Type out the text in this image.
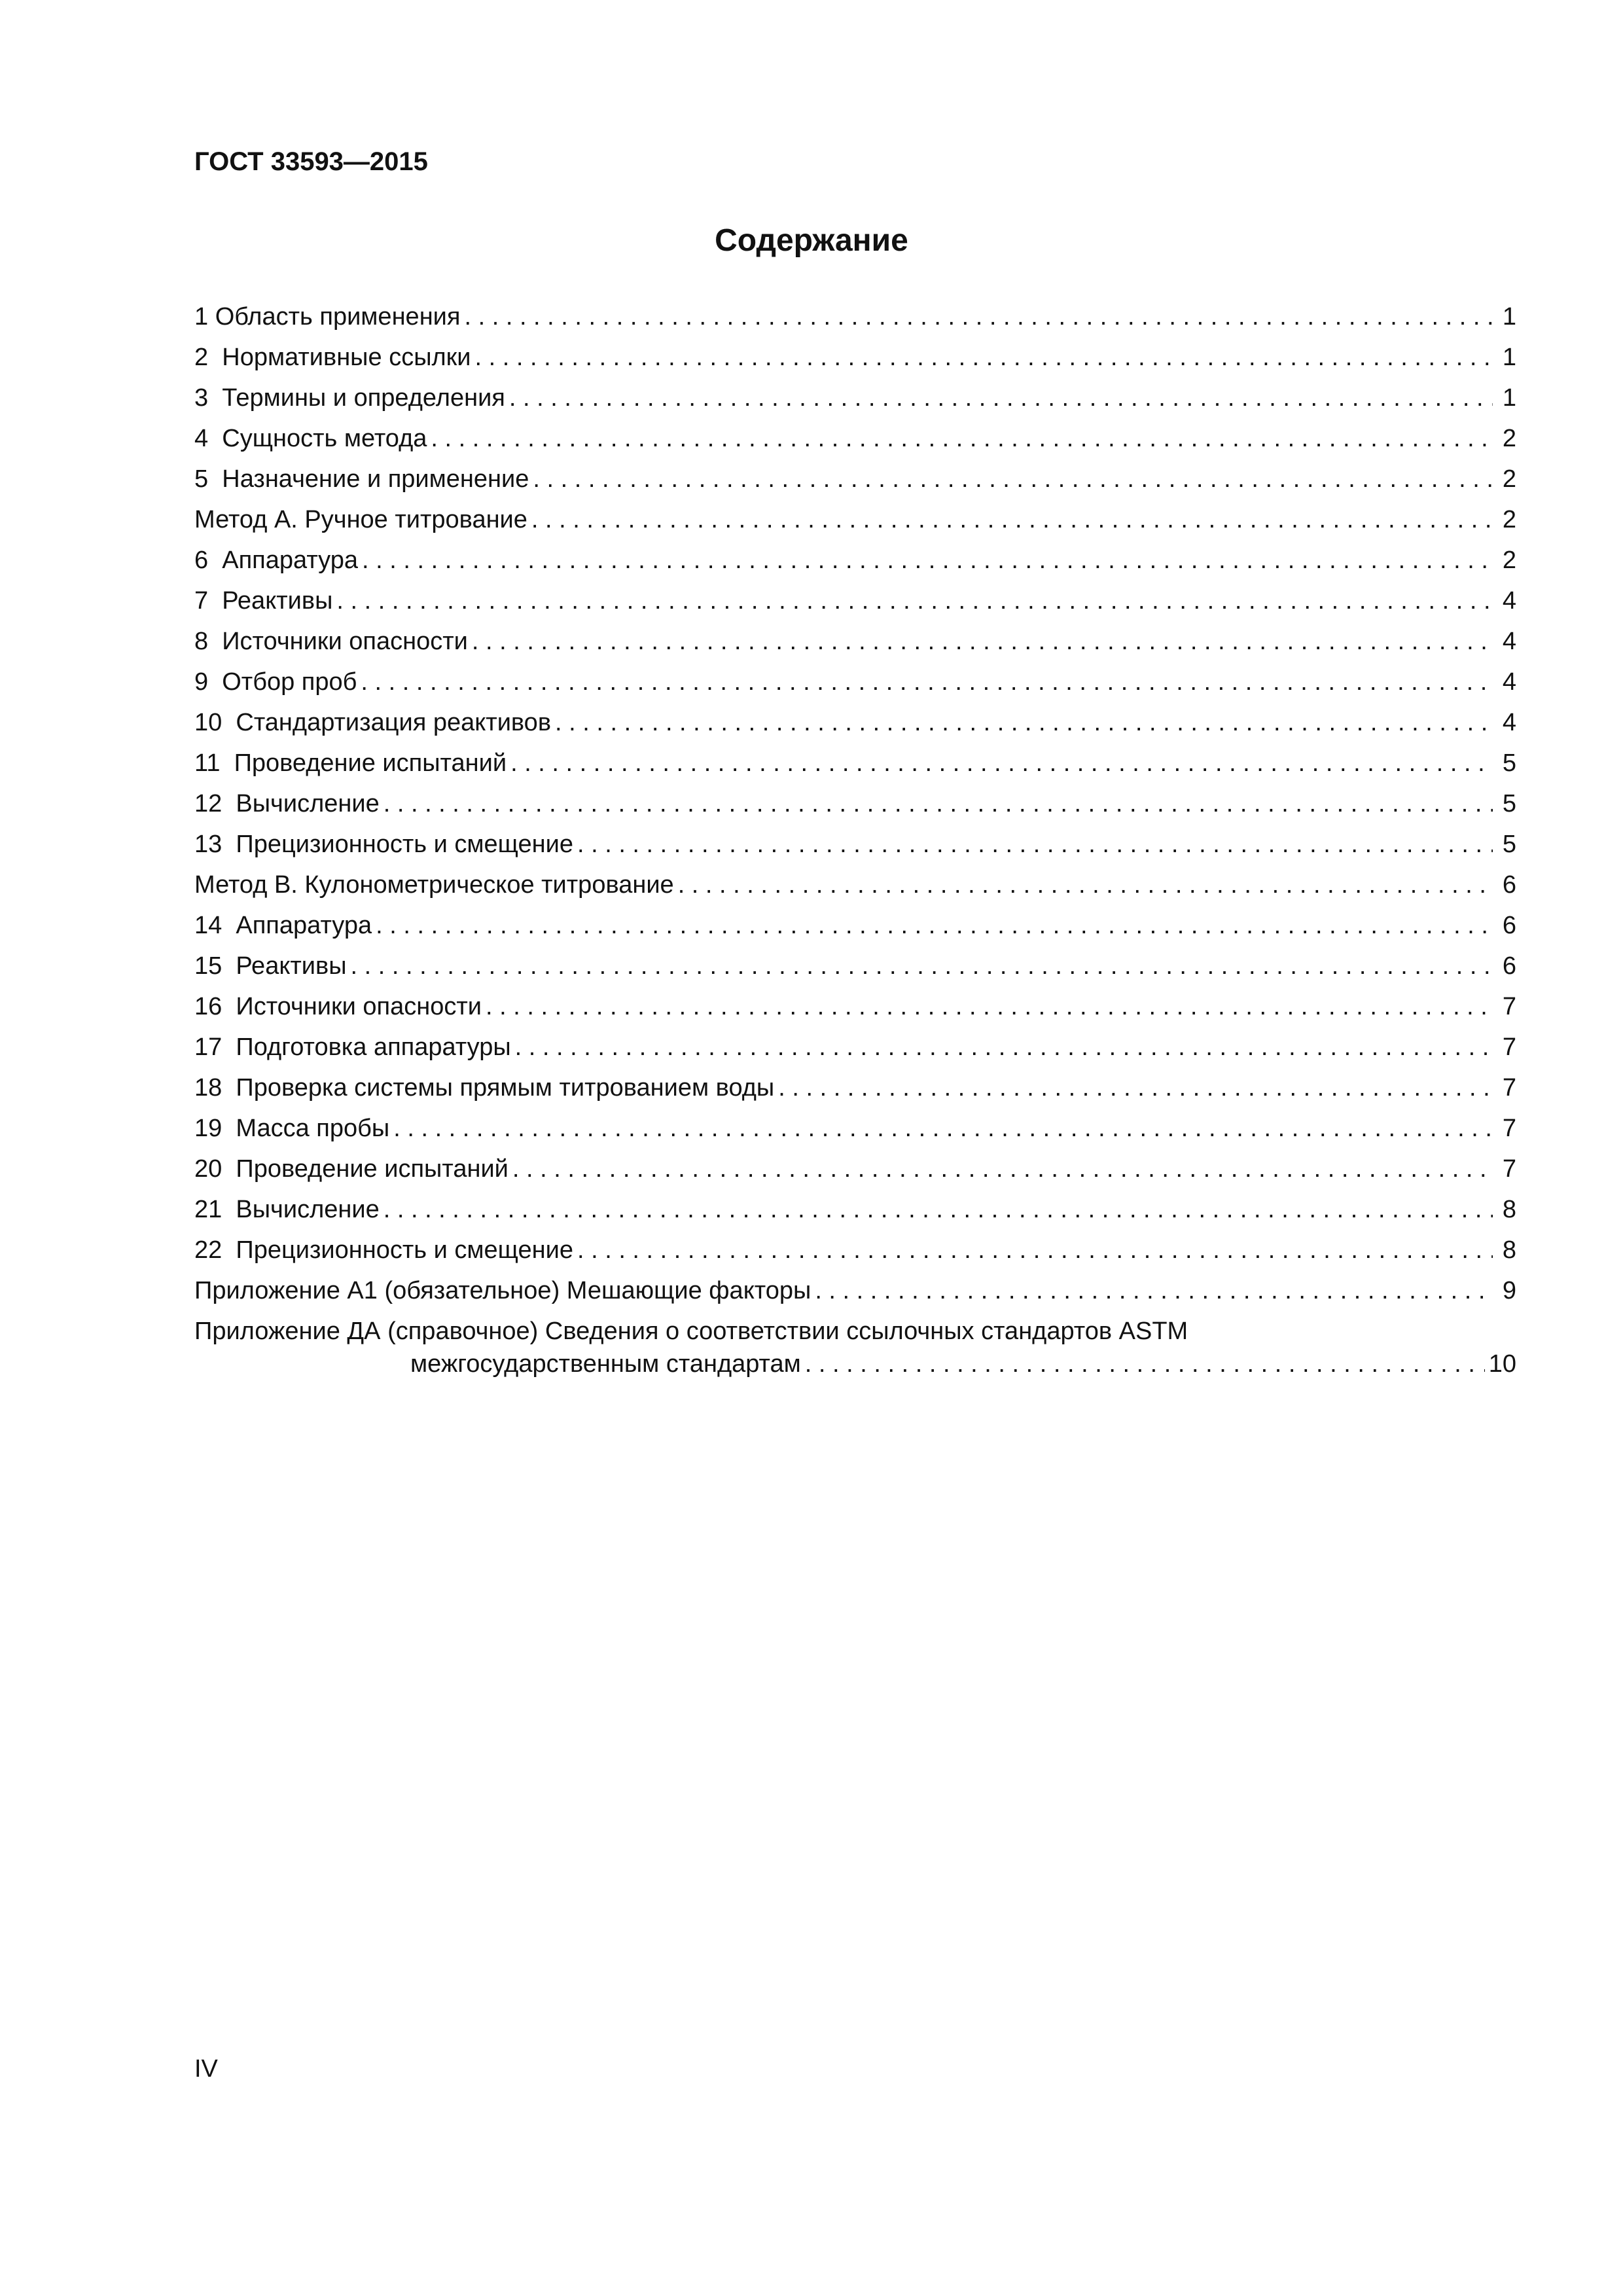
ГОСТ 33593—2015
Содержание
1 Область применения . . .	1
2  Нормативные ссылки . . .	1
3  Термины и определения . . .	1
4  Сущность метода . . .	2
5  Назначение и применение . . .	2
Метод А. Ручное титрование . . .	2
6  Аппаратура . . .	2
7  Реактивы . . .	4
8  Источники опасности . . .	4
9  Отбор проб . . .	4
10  Стандартизация реактивов . . .	4
11  Проведение испытаний . . .	5
12  Вычисление . . .	5
13  Прецизионность и смещение . . .	5
Метод В. Кулонометрическое титрование . . .	6
14  Аппаратура . . .	6
15  Реактивы . . .	6
16  Источники опасности . . .	7
17  Подготовка аппаратуры . . .	7
18  Проверка системы прямым титрованием воды . . .	7
19  Масса пробы . . .	7
20  Проведение испытаний . . .	7
21  Вычисление . . .	8
22  Прецизионность и смещение . . .	8
Приложение А1 (обязательное) Мешающие факторы . . .	9
Приложение ДА (справочное) Сведения о соответствии ссылочных стандартов ASTM
межгосударственным стандартам . . .	10
IV
